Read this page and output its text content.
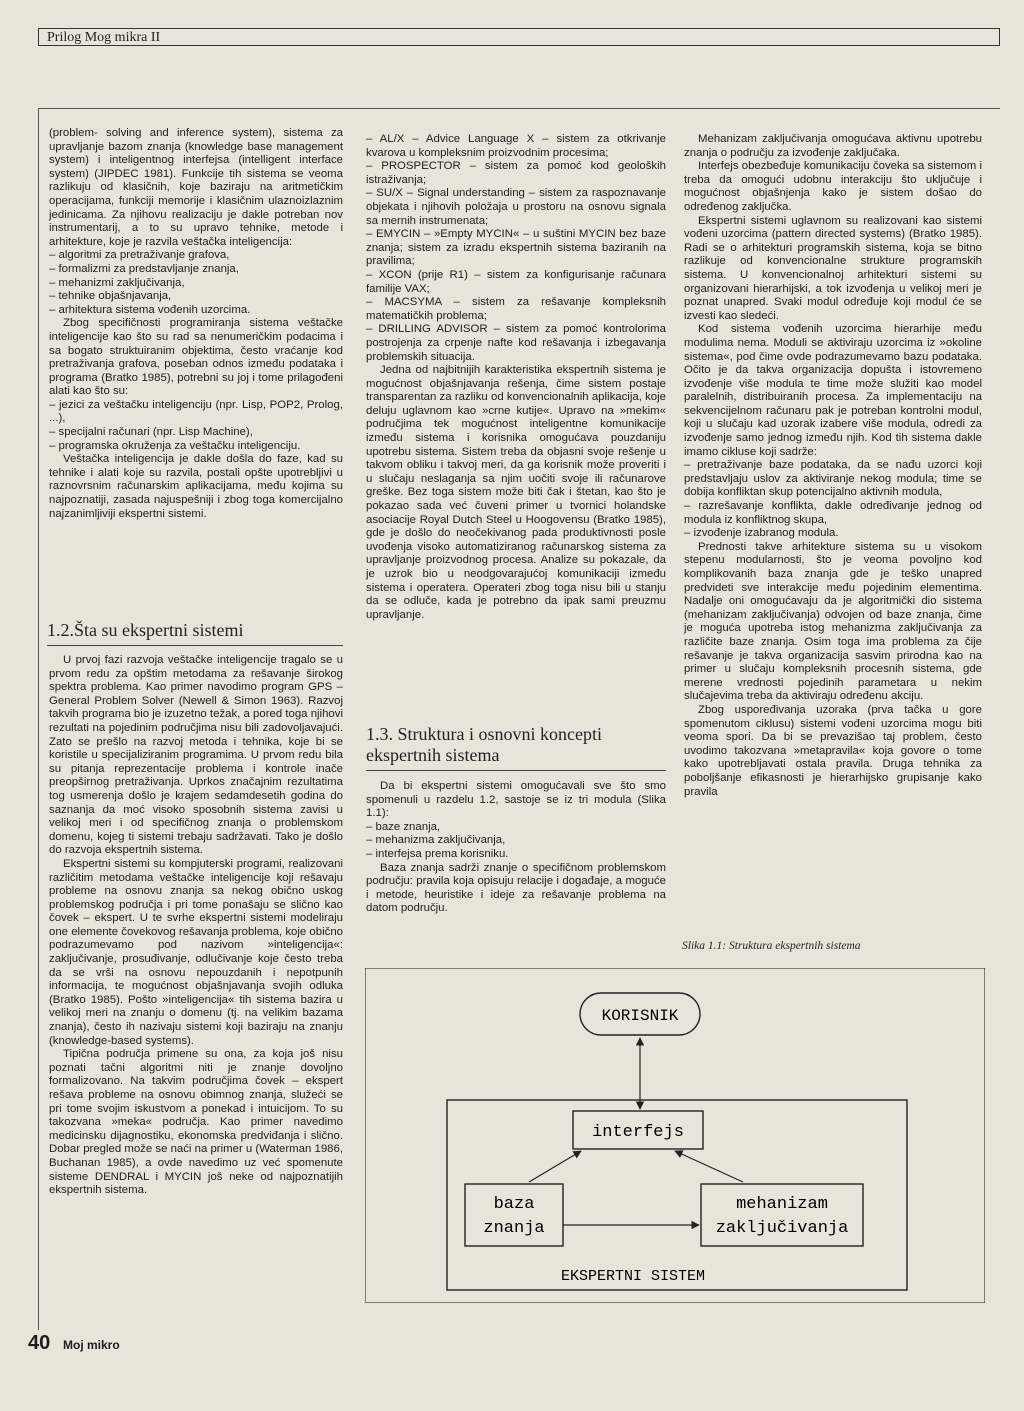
Prilog Mog mikra II

(problem- solving and inference system), sistema za upravljanje bazom znanja (knowledge base management system) i inteligentnog interfejsa (intelligent interface system) (JIPDEC 1981). Funkcije tih sistema se veoma razlikuju od klasičnih, koje baziraju na aritmetičkim operacijama, funkciji memorije i klasičnim ulaznoizlaznim jedinicama. Za njihovu realizaciju je dakle potreban nov instrumentarij, a to su upravo tehnike, metode i arhitekture, koje je razvila veštačka inteligencija:

– algoritmi za pretraživanje grafova,

– formalizmi za predstavljanje znanja,

– mehanizmi zaključivanja,

– tehnike objašnjavanja,

– arhitektura sistema vođenih uzorcima.

Zbog specifičnosti programiranja sistema veštačke inteligencije kao što su rad sa nenumeričkim podacima i sa bogato struktuiranim objektima, često vraćanje kod pretraživanja grafova, poseban odnos između podataka i programa (Bratko 1985), potrebni su joj i tome prilagođeni alati kao što su:

– jezici za veštačku inteligenciju (npr. Lisp, POP2, Prolog, ...),

– specijalni računari (npr. Lisp Machine),

– programska okruženja za veštačku inteligenciju.

Veštačka inteligencija je dakle došla do faze, kad su tehnike i alati koje su razvila, postali opšte upotrebljivi u raznovrsnim računarskim aplikacijama, među kojima su najpoznatiji, zasada najuspešniji i zbog toga komercijalno najzanimljiviji ekspertni sistemi.

1.2.Šta su ekspertni sistemi

U prvoj fazi razvoja veštačke inteligencije tragalo se u prvom redu za opštim metodama za rešavanje širokog spektra problema. Kao primer navodimo program GPS – General Problem Solver (Newell & Simon 1963). Razvoj takvih programa bio je izuzetno težak, a pored toga njihovi rezultati na pojedinim područjima nisu bili zadovoljavajući. Zato se prešlo na razvoj metoda i tehnika, koje bi se koristile u specijaliziranim programima. U prvom redu bila su pitanja reprezentacije problema i kontrole inače preopširnog pretraživanja. Uprkos značajnim rezultatima tog usmerenja došlo je krajem sedamdesetih godina do saznanja da moć visoko sposobnih sistema zavisi u velikoj meri i od specifičnog znanja o problemskom domenu, kojeg ti sistemi trebaju sadržavati. Tako je došlo do razvoja ekspertnih sistema.

Ekspertni sistemi su kompjuterski programi, realizovani različitim metodama veštačke inteligencije koji rešavaju probleme na osnovu znanja sa nekog obično uskog problemskog područja i pri tome ponašaju se slično kao čovek – ekspert. U te svrhe ekspertni sistemi modeliraju one elemente čovekovog rešavanja problema, koje obično podrazumevamo pod nazivom »inteligencija«: zaključivanje, prosuđivanje, odlučivanje koje često treba da se vrši na osnovu nepouzdanih i nepotpunih informacija, te mogućnost objašnjavanja svojih odluka (Bratko 1985). Pošto »inteligencija« tih sistema bazira u velikoj meri na znanju o domenu (tj. na velikim bazama znanja), često ih nazivaju sistemi koji baziraju na znanju (knowledge-based systems).

Tipična područja primene su ona, za koja još nisu poznati tačni algoritmi niti je znanje dovoljno formalizovano. Na takvim područjima čovek – ekspert rešava probleme na osnovu obimnog znanja, služeći se pri tome svojim iskustvom a ponekad i intuicijom. To su takozvana »meka« područja. Kao primer navedimo medicinsku dijagnostiku, ekonomska predviđanja i slično. Dobar pregled može se naći na primer u (Waterman 1986, Buchanan 1985), a ovde navedimo uz već spomenute sisteme DENDRAL i MYCIN još neke od najpoznatijih ekspertnih sistema.

– AL/X – Advice Language X – sistem za otkrivanje kvarova u kompleksnim proizvodnim procesima;

– PROSPECTOR – sistem za pomoć kod geoloških istraživanja;

– SU/X – Signal understanding – sistem za raspoznavanje objekata i njihovih položaja u prostoru na osnovu signala sa mernih instrumenata;

– EMYCIN – »Empty MYCIN« – u suštini MYCIN bez baze znanja; sistem za izradu ekspertnih sistema baziranih na pravilima;

– XCON (prije R1) – sistem za konfigurisanje računara familije VAX;

– MACSYMA – sistem za rešavanje kompleksnih matematičkih problema;

– DRILLING ADVISOR – sistem za pomoć kontrolorima postrojenja za crpenje nafte kod rešavanja i izbegavanja problemskih situacija.

Jedna od najbitnijih karakteristika ekspertnih sistema je mogućnost objašnjavanja rešenja, čime sistem postaje transparentan za razliku od konvencionalnih aplikacija, koje deluju uglavnom kao »crne kutije«. Upravo na »mekim« područjima tek mogućnost inteligentne komunikacije između sistema i korisnika omogućava pouzdaniju upotrebu sistema. Sistem treba da objasni svoje rešenje u takvom obliku i takvoj meri, da ga korisnik može proveriti i u slučaju neslaganja sa njim uočiti svoje ili računarove greške. Bez toga sistem može biti čak i štetan, kao što je pokazao sada već čuveni primer u tvornici holandske asociacije Royal Dutch Steel u Hoogovensu (Bratko 1985), gde je došlo do neočekivanog pada produktivnosti posle uvođenja visoko automatiziranog računarskog sistema za upravljanje proizvodnog procesa. Analize su pokazale, da je uzrok bio u neodgovarajućoj komunikaciji između sistema i operatera. Operateri zbog toga nisu bili u stanju da se odluče, kada je potrebno da ipak sami preuzmu upravljanje.

1.3. Struktura i osnovni koncepti
ekspertnih sistema

Da bi ekspertni sistemi omogućavali sve što smo spomenuli u razdelu 1.2, sastoje se iz tri modula (Slika 1.1):

– baze znanja,

– mehanizma zaključivanja,

– interfejsa prema korisniku.

Baza znanja sadrži znanje o specifičnom problemskom području: pravila koja opisuju relacije i događaje, a moguće i metode, heuristike i ideje za rešavanje problema na datom području.

Mehanizam zaključivanja omogućava aktivnu upotrebu znanja o području za izvođenje zaključaka.

Interfejs obezbeđuje komunikaciju čoveka sa sistemom i treba da omogući udobnu interakciju što uključuje i mogućnost objašnjenja kako je sistem došao do određenog zaključka.

Ekspertni sistemi uglavnom su realizovani kao sistemi vođeni uzorcima (pattern directed systems) (Bratko 1985). Radi se o arhitekturi programskih sistema, koja se bitno razlikuje od konvencionalne strukture programskih sistema. U konvencionalnoj arhitekturi sistemi su organizovani hierarhijski, a tok izvođenja u velikoj meri je poznat unapred. Svaki modul određuje koji modul će se izvesti kao sledeći.

Kod sistema vođenih uzorcima hierarhije među modulima nema. Moduli se aktiviraju uzorcima iz »okoline sistema«, pod čime ovde podrazumevamo bazu podataka. Očito je da takva organizacija dopušta i istovremeno izvođenje više modula te time može služiti kao model paralelnih, distribuiranih procesa. Za implementaciju na sekvencijelnom računaru pak je potreban kontrolni modul, koji u slučaju kad uzorak izabere više modula, odredi za izvođenje samo jednog između njih. Kod tih sistema dakle imamo cikluse koji sadrže:

– pretraživanje baze podataka, da se nađu uzorci koji predstavljaju uslov za aktiviranje nekog modula; time se dobija konfliktan skup potencijalno aktivnih modula,

– razrešavanje konflikta, dakle određivanje jednog od modula iz konfliktnog skupa,

– izvođenje izabranog modula.

Prednosti takve arhitekture sistema su u visokom stepenu modularnosti, što je veoma povoljno kod komplikovanih baza znanja gde je teško unapred predvideti sve interakcije među pojedinim elementima. Nadalje oni omogućavaju da je algoritmički dio sistema (mehanizam zaključivanja) odvojen od baze znanja, čime je moguća upotreba istog mehanizma zaključivanja za različite baze znanja. Osim toga ima problema za čije rešavanje je takva organizacija sasvim prirodna kao na primer u slučaju kompleksnih procesnih sistema, gde merene vrednosti pojedinih parametara u nekim slučajevima treba da aktiviraju određenu akciju.

Zbog uspoređivanja uzoraka (prva tačka u gore spomenutom ciklusu) sistemi vođeni uzorcima mogu biti veoma spori. Da bi se prevazišao taj problem, često uvodimo takozvana »metapravila« koja govore o tome kako upotrebljavati ostala pravila. Druga tehnika za poboljšanje efikasnosti je hierarhijsko grupisanje kako pravila

Slika 1.1: Struktura ekspertnih sistema
KORISNIK
interfejs
baza
znanja
mehanizam
zaključivanja
EKSPERTNI SISTEM
40 Moj mikro
